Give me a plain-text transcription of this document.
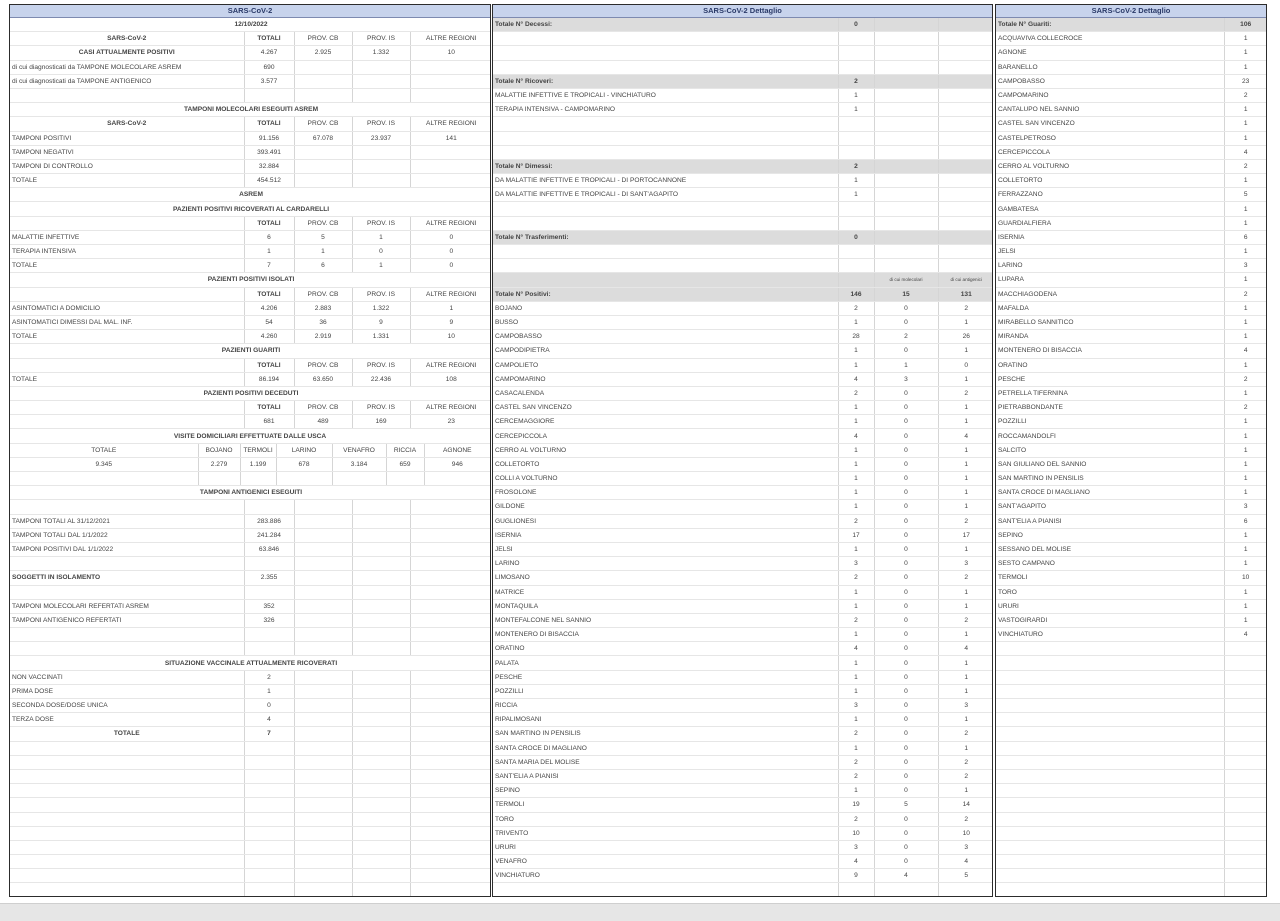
SARS-CoV-2
12/10/2022				
SARS-CoV-2	TOTALI	PROV. CB	PROV. IS	ALTRE REGIONI
CASI ATTUALMENTE POSITIVI	4.267	2.925	1.332	10
di cui diagnosticati da TAMPONE MOLECOLARE ASREM	690			
di cui diagnosticati da TAMPONE ANTIGENICO	3.577			

TAMPONI MOLECOLARI ESEGUITI ASREM				
SARS-CoV-2	TOTALI	PROV. CB	PROV. IS	ALTRE REGIONI
TAMPONI POSITIVI	91.156	67.078	23.937	141
TAMPONI NEGATIVI	393.491			
TAMPONI DI CONTROLLO	32.884			
TOTALE	454.512			
ASREM				
PAZIENTI POSITIVI RICOVERATI AL CARDARELLI				
	TOTALI	PROV. CB	PROV. IS	ALTRE REGIONI
MALATTIE INFETTIVE	6	5	1	0
TERAPIA INTENSIVA	1	1	0	0
TOTALE	7	6	1	0
PAZIENTI POSITIVI ISOLATI				
	TOTALI	PROV. CB	PROV. IS	ALTRE REGIONI
ASINTOMATICI A DOMICILIO	4.206	2.883	1.322	1
ASINTOMATICI DIMESSI DAL MAL. INF.	54	36	9	9
TOTALE	4.260	2.919	1.331	10
PAZIENTI GUARITI				
	TOTALI	PROV. CB	PROV. IS	ALTRE REGIONI
TOTALE	86.194	63.650	22.436	108
PAZIENTI POSITIVI DECEDUTI				
	TOTALI	PROV. CB	PROV. IS	ALTRE REGIONI
	681	489	169	23
VISITE DOMICILIARI EFFETTUATE DALLE USCA						
TOTALE	BOJANO	TERMOLI	LARINO	VENAFRO	RICCIA	AGNONE
9.345	2.279	1.199	678	3.184	659	946

TAMPONI ANTIGENICI ESEGUITI				

TAMPONI TOTALI AL 31/12/2021	283.886			
TAMPONI TOTALI DAL 1/1/2022	241.284			
TAMPONI POSITIVI DAL 1/1/2022	63.846			

SOGGETTI IN ISOLAMENTO	2.355			

TAMPONI MOLECOLARI REFERTATI ASREM	352			
TAMPONI ANTIGENICO REFERTATI	326			

SITUAZIONE VACCINALE ATTUALMENTE RICOVERATI				
NON VACCINATI	2			
PRIMA DOSE	1			
SECONDA DOSE/DOSE UNICA	0			
TERZA DOSE	4			
TOTALE	7			

SARS-CoV-2 Dettaglio
Totale N° Decessi:	0		

Totale N° Ricoveri:	2		
MALATTIE INFETTIVE E TROPICALI - VINCHIATURO	1		
TERAPIA INTENSIVA - CAMPOMARINO	1		

Totale N° Dimessi:	2		
DA MALATTIE INFETTIVE E TROPICALI - DI PORTOCANNONE	1		
DA MALATTIE INFETTIVE E TROPICALI - DI SANT'AGAPITO	1		

Totale N° Trasferimenti:	0		

		di cui molecolari	di cui antigenici
Totale N° Positivi:	146	15	131
BOJANO	2	0	2
BUSSO	1	0	1
CAMPOBASSO	28	2	26
CAMPODIPIETRA	1	0	1
CAMPOLIETO	1	1	0
CAMPOMARINO	4	3	1
CASACALENDA	2	0	2
CASTEL SAN VINCENZO	1	0	1
CERCEMAGGIORE	1	0	1
CERCEPICCOLA	4	0	4
CERRO AL VOLTURNO	1	0	1
COLLETORTO	1	0	1
COLLI A VOLTURNO	1	0	1
FROSOLONE	1	0	1
GILDONE	1	0	1
GUGLIONESI	2	0	2
ISERNIA	17	0	17
JELSI	1	0	1
LARINO	3	0	3
LIMOSANO	2	0	2
MATRICE	1	0	1
MONTAQUILA	1	0	1
MONTEFALCONE NEL SANNIO	2	0	2
MONTENERO DI BISACCIA	1	0	1
ORATINO	4	0	4
PALATA	1	0	1
PESCHE	1	0	1
POZZILLI	1	0	1
RICCIA	3	0	3
RIPALIMOSANI	1	0	1
SAN MARTINO IN PENSILIS	2	0	2
SANTA CROCE DI MAGLIANO	1	0	1
SANTA MARIA DEL MOLISE	2	0	2
SANT'ELIA A PIANISI	2	0	2
SEPINO	1	0	1
TERMOLI	19	5	14
TORO	2	0	2
TRIVENTO	10	0	10
URURI	3	0	3
VENAFRO	4	0	4
VINCHIATURO	9	4	5

SARS-CoV-2 Dettaglio
Totale N° Guariti:	106
ACQUAVIVA COLLECROCE	1
AGNONE	1
BARANELLO	1
CAMPOBASSO	23
CAMPOMARINO	2
CANTALUPO NEL SANNIO	1
CASTEL SAN VINCENZO	1
CASTELPETROSO	1
CERCEPICCOLA	4
CERRO AL VOLTURNO	2
COLLETORTO	1
FERRAZZANO	5
GAMBATESA	1
GUARDIALFIERA	1
ISERNIA	6
JELSI	1
LARINO	3
LUPARA	1
MACCHIAGODENA	2
MAFALDA	1
MIRABELLO SANNITICO	1
MIRANDA	1
MONTENERO DI BISACCIA	4
ORATINO	1
PESCHE	2
PETRELLA TIFERNINA	1
PIETRABBONDANTE	2
POZZILLI	1
ROCCAMANDOLFI	1
SALCITO	1
SAN GIULIANO DEL SANNIO	1
SAN MARTINO IN PENSILIS	1
SANTA CROCE DI MAGLIANO	1
SANT'AGAPITO	3
SANT'ELIA A PIANISI	6
SEPINO	1
SESSANO DEL MOLISE	1
SESTO CAMPANO	1
TERMOLI	10
TORO	1
URURI	1
VASTOGIRARDI	1
VINCHIATURO	4
